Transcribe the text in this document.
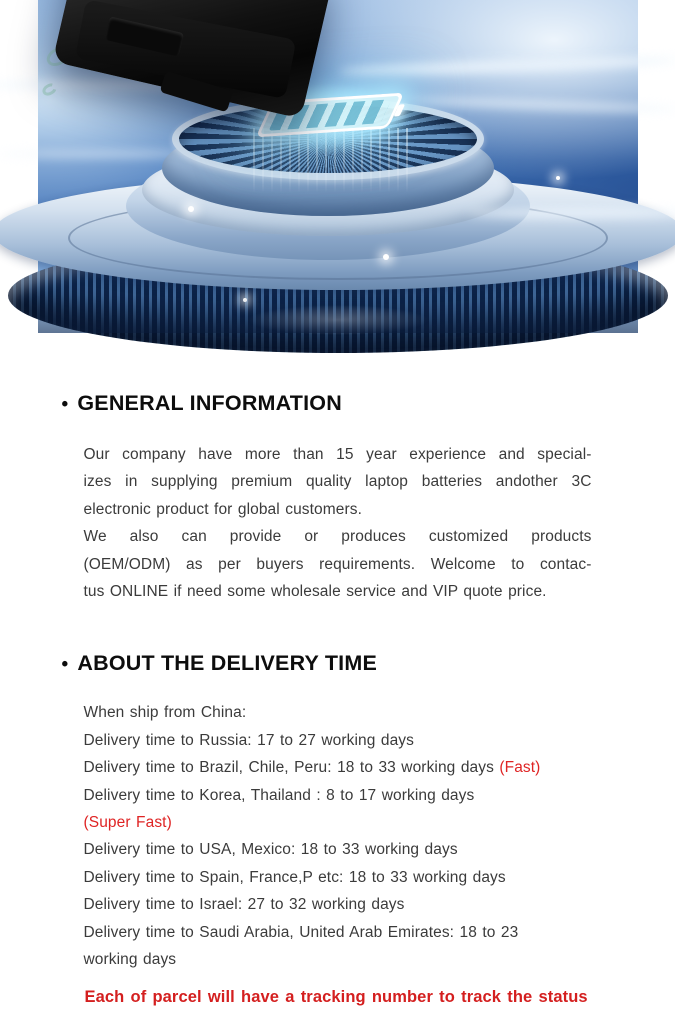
• GENERAL INFORMATION
Our company have more than 15 year experience and special-
izes in supplying premium quality laptop batteries andother 3C
electronic product for global customers.
We also can provide or produces customized products
(OEM/ODM) as per buyers requirements. Welcome to contac-
tus ONLINE if need some wholesale service and VIP quote price.
• ABOUT THE DELIVERY TIME
When ship from China:
Delivery time to Russia: 17 to 27 working days
Delivery time to Brazil, Chile, Peru: 18 to 33 working days (Fast)
Delivery time to Korea, Thailand : 8 to 17 working days
(Super Fast)
Delivery time to USA, Mexico: 18 to 33 working days
Delivery time to Spain, France,P etc: 18 to 33 working days
Delivery time to Israel: 27 to 32 working days
Delivery time to Saudi Arabia, United Arab Emirates: 18 to 23
working days
Each of parcel will have a tracking number to track the status
